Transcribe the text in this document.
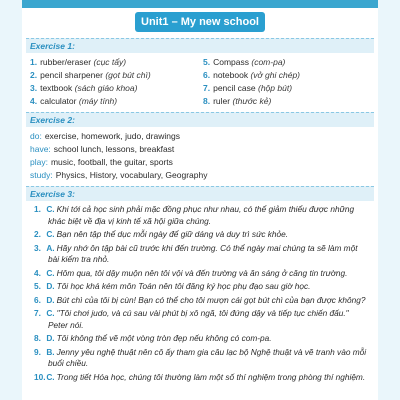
Unit1 – My new school
Exercise 1:
1. rubber/eraser (cục tẩy)	5. Compass (com-pa)
2. pencil sharpener (gọt bút chì)	6. notebook (vở ghi chép)
3. textbook (sách giáo khoa)	7. pencil case (hộp bút)
4. calculator (máy tính)	8. ruler (thước kẻ)
Exercise 2:
do: exercise, homework, judo, drawings
have: school lunch, lessons, breakfast
play: music, football, the guitar, sports
study: Physics, History, vocabulary, Geography
Exercise 3:
1. C. Khi tới cả học sinh phải mặc đồng phục như nhau, có thể giảm thiểu được những khác biệt về địa vị kinh tế xã hội giữa chúng.
2. C. Bạn nên tập thể dục mỗi ngày để giữ dáng và duy trì sức khỏe.
3. A. Hãy nhớ ôn tập bài cũ trước khi đến trường. Có thể ngày mai chúng ta sẽ làm một bài kiểm tra nhỏ.
4. C. Hôm qua, tôi dậy muộn nên tôi vội và đến trường và ăn sáng ở căng tin trường.
5. D. Tôi học khá kém môn Toán nên tôi đăng ký học phụ đạo sau giờ học.
6. D. Bút chì của tôi bị cùn! Bạn có thể cho tôi mượn cái gọt bút chì của bạn được không?
7. C. "Tôi chơi judo, và cú sau vài phút bị xô ngã, tôi đứng dậy và tiếp tục chiến đấu." Peter nói.
8. D. Tôi không thể vẽ một vòng tròn đẹp nếu không có com-pa.
9. B. Jenny yêu nghệ thuật nên cô ấy tham gia câu lạc bộ Nghệ thuật và vẽ tranh vào mỗi buổi chiều.
10. C. Trong tiết Hóa học, chúng tôi thường làm một số thí nghiệm trong phòng thí nghiệm.
